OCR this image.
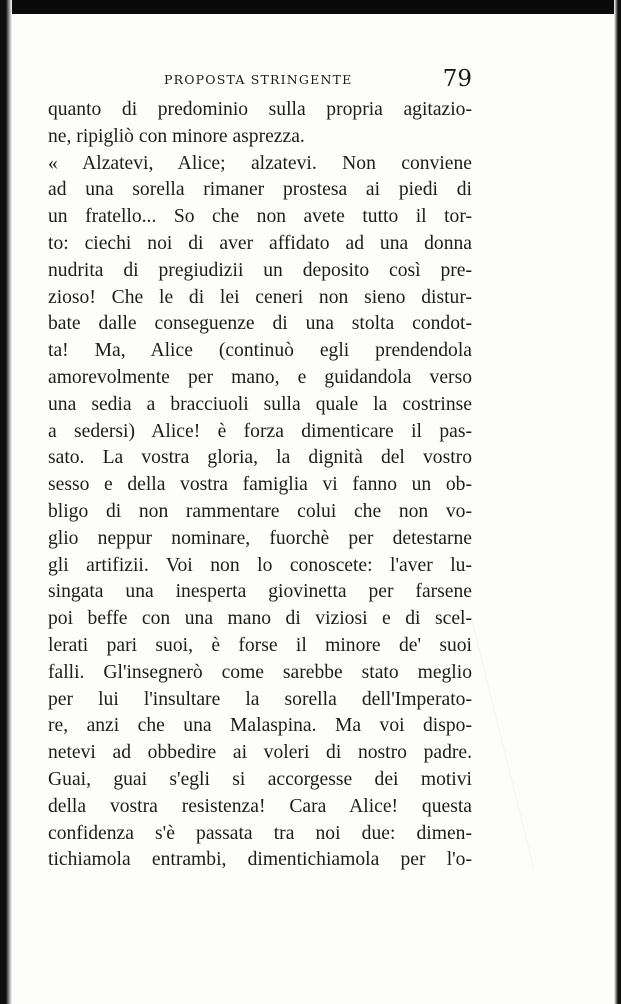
PROPOSTA STRINGENTE	79
quanto di predominio sulla propria agitazio-
ne, ripigliò con minore asprezza.
« Alzatevi, Alice; alzatevi. Non conviene
ad una sorella rimaner prostesa ai piedi di
un fratello... So che non avete tutto il tor-
to: ciechi noi di aver affidato ad una donna
nudrita di pregiudizii un deposito così pre-
zioso! Che le di lei ceneri non sieno distur-
bate dalle conseguenze di una stolta condot-
ta! Ma, Alice (continuò egli prendendola
amorevolmente per mano, e guidandola verso
una sedia a bracciuoli sulla quale la costrinse
a sedersi) Alice! è forza dimenticare il pas-
sato. La vostra gloria, la dignità del vostro
sesso e della vostra famiglia vi fanno un ob-
bligo di non rammentare colui che non vo-
glio neppur nominare, fuorchè per detestarne
gli artifizii. Voi non lo conoscete: l'aver lu-
singata una inesperta giovinetta per farsene
poi beffe con una mano di viziosi e di scel-
lerati pari suoi, è forse il minore de' suoi
falli. Gl'insegnerò come sarebbe stato meglio
per lui l'insultare la sorella dell'Imperato-
re, anzi che una Malaspina. Ma voi dispo-
netevi ad obbedire ai voleri di nostro padre.
Guai, guai s'egli si accorgesse dei motivi
della vostra resistenza! Cara Alice! questa
confidenza s'è passata tra noi due: dimen-
tichiamola entrambi, dimentichiamola per l'o-
